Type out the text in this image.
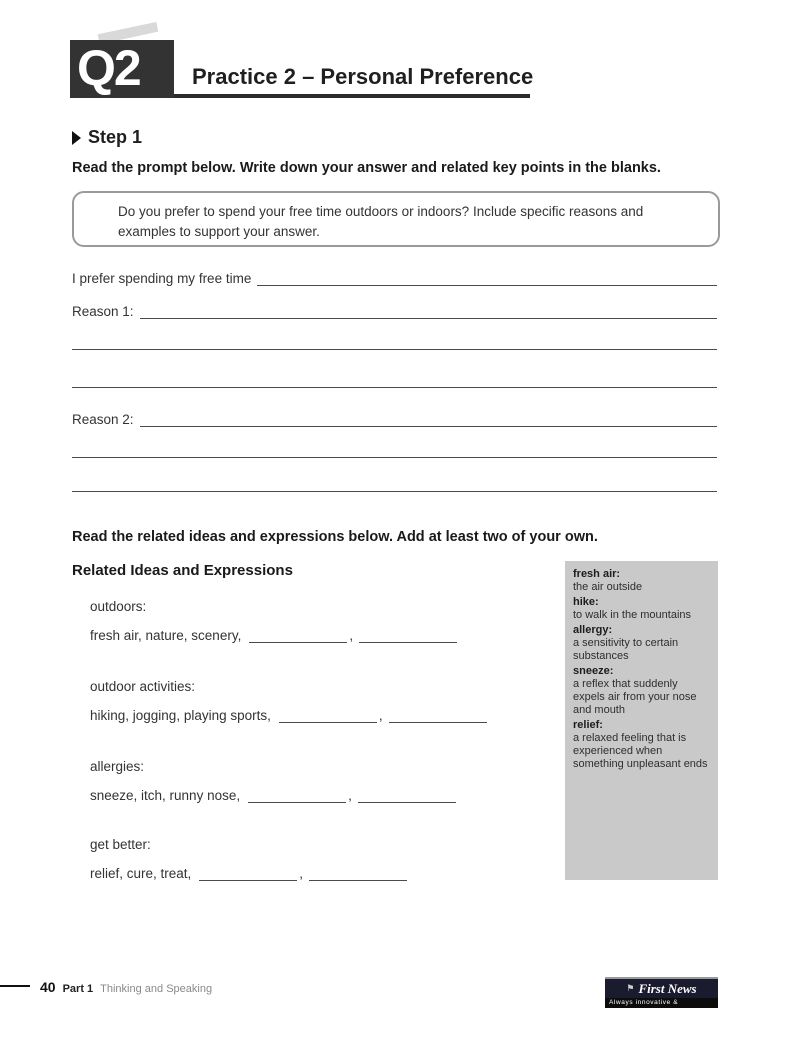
Q2	Practice 2 – Personal Preference
Step 1
Read the prompt below. Write down your answer and related key points in the blanks.

Do you prefer to spend your free time outdoors or indoors? Include specific reasons and examples to support your answer.

I prefer spending my free time
Reason 1:
Reason 2:
Read the related ideas and expressions below. Add at least two of your own.
Related Ideas and Expressions
outdoors:
fresh air, nature, scenery,	,
outdoor activities:
hiking, jogging, playing sports,	,
allergies:
sneeze, itch, runny nose,	,
get better:
relief, cure, treat,	,
fresh air:
the air outside
hike:
to walk in the mountains
allergy:
a sensitivity to certain substances
sneeze:
a reflex that suddenly expels air from your nose and mouth
relief:
a relaxed feeling that is experienced when something unpleasant ends
40 Part 1 Thinking and Speaking	⚑ First News
Always innovative & informative
